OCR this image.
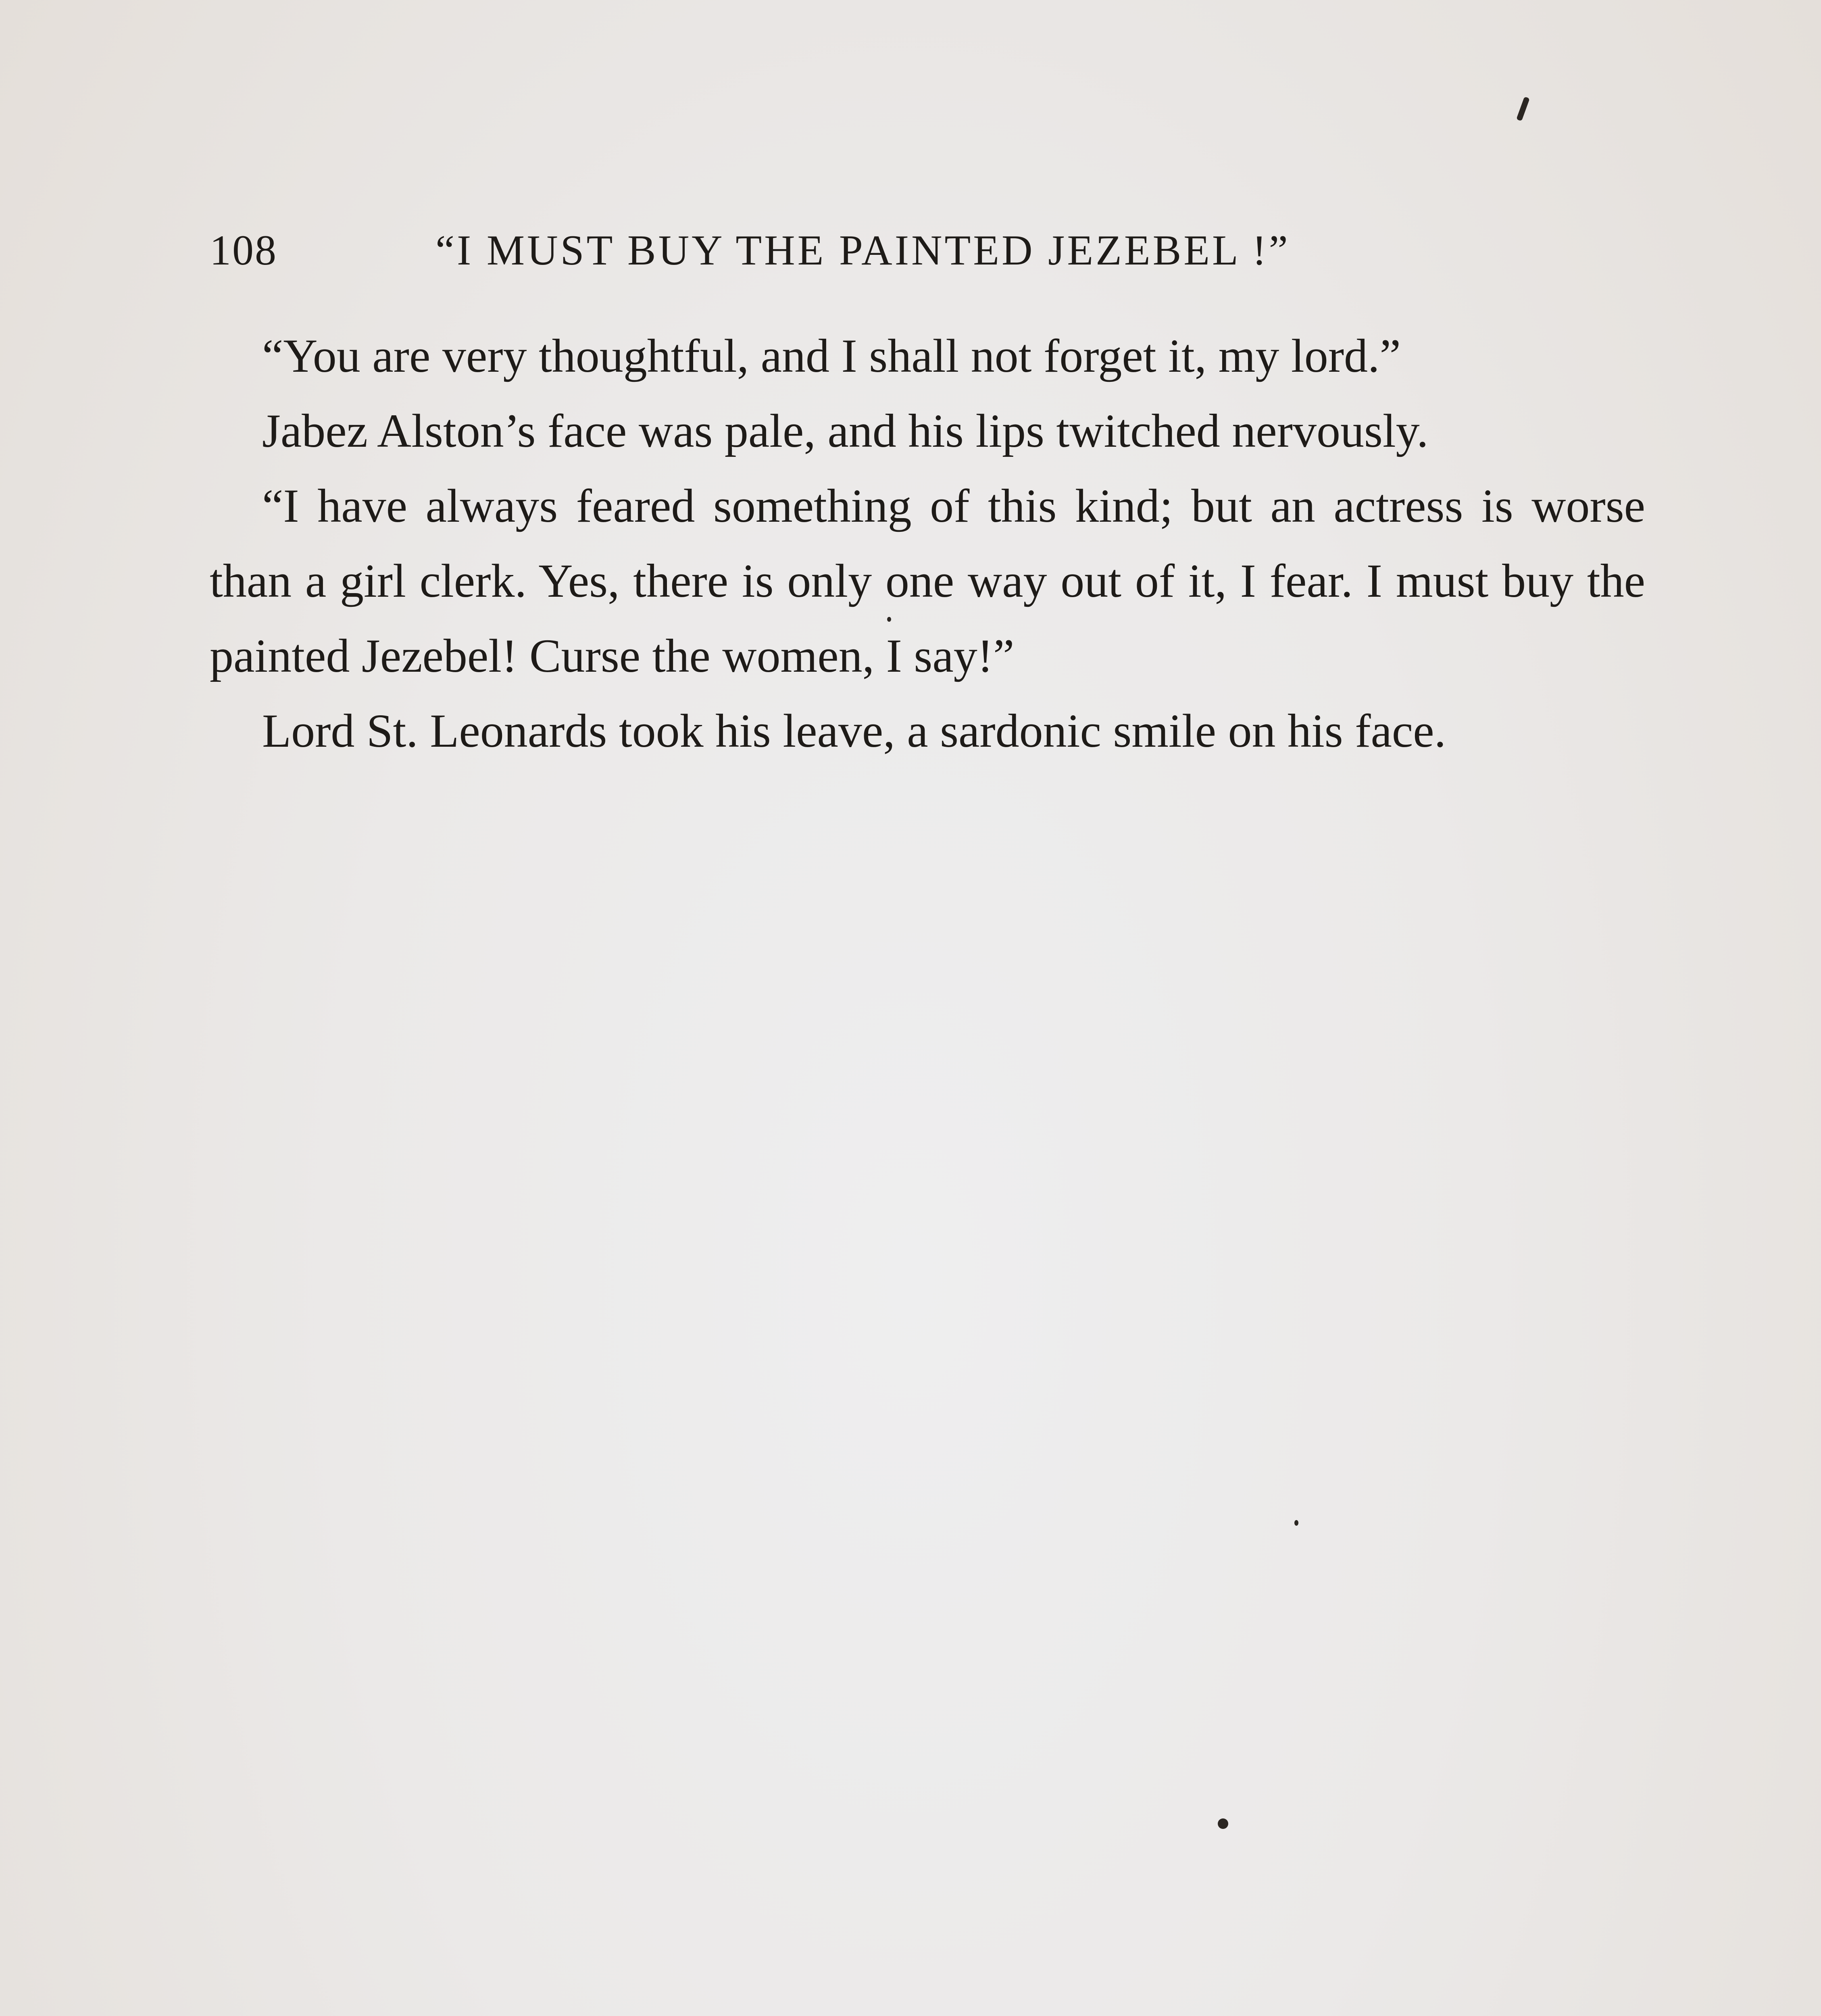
108	“I MUST BUY THE PAINTED JEZEBEL !”

“You are very thoughtful, and I shall not forget it, my lord.”

Jabez Alston’s face was pale, and his lips twitched nervously.

“I have always feared something of this kind; but an actress is worse than a girl clerk. Yes, there is only one way out of it, I fear. I must buy the painted Jezebel! Curse the women, I say!”

Lord St. Leonards took his leave, a sardonic smile on his face.
